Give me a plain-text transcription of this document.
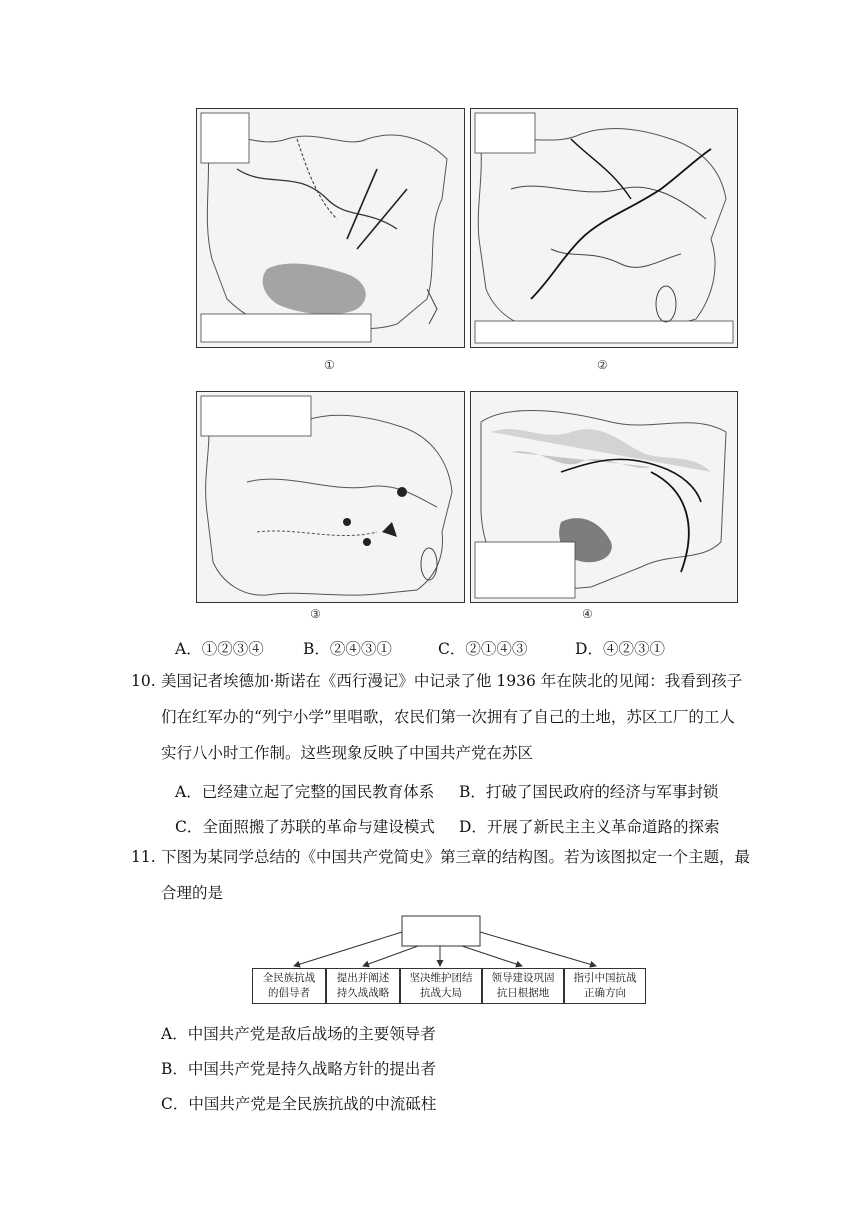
①	②
③	④
A．①②③④	B．②④③①	C．②①④③	D．④②③①
10. 美国记者埃德加·斯诺在《西行漫记》中记录了他 1936 年在陕北的见闻：我看到孩子
们在红军办的“列宁小学”里唱歌，农民们第一次拥有了自己的土地，苏区工厂的工人
实行八小时工作制。这些现象反映了中国共产党在苏区
A．已经建立起了完整的国民教育体系 B．打破了国民政府的经济与军事封锁
C．全面照搬了苏联的革命与建设模式 D．开展了新民主主义革命道路的探索
11. 下图为某同学总结的《中国共产党简史》第三章的结构图。若为该图拟定一个主题，最
合理的是
全民族抗战
的倡导者
提出并阐述
持久战战略
坚决维护团结
抗战大局
领导建设巩固
抗日根据地
指引中国抗战
正确方向
A．中国共产党是敌后战场的主要领导者
B．中国共产党是持久战略方针的提出者
C．中国共产党是全民族抗战的中流砥柱
